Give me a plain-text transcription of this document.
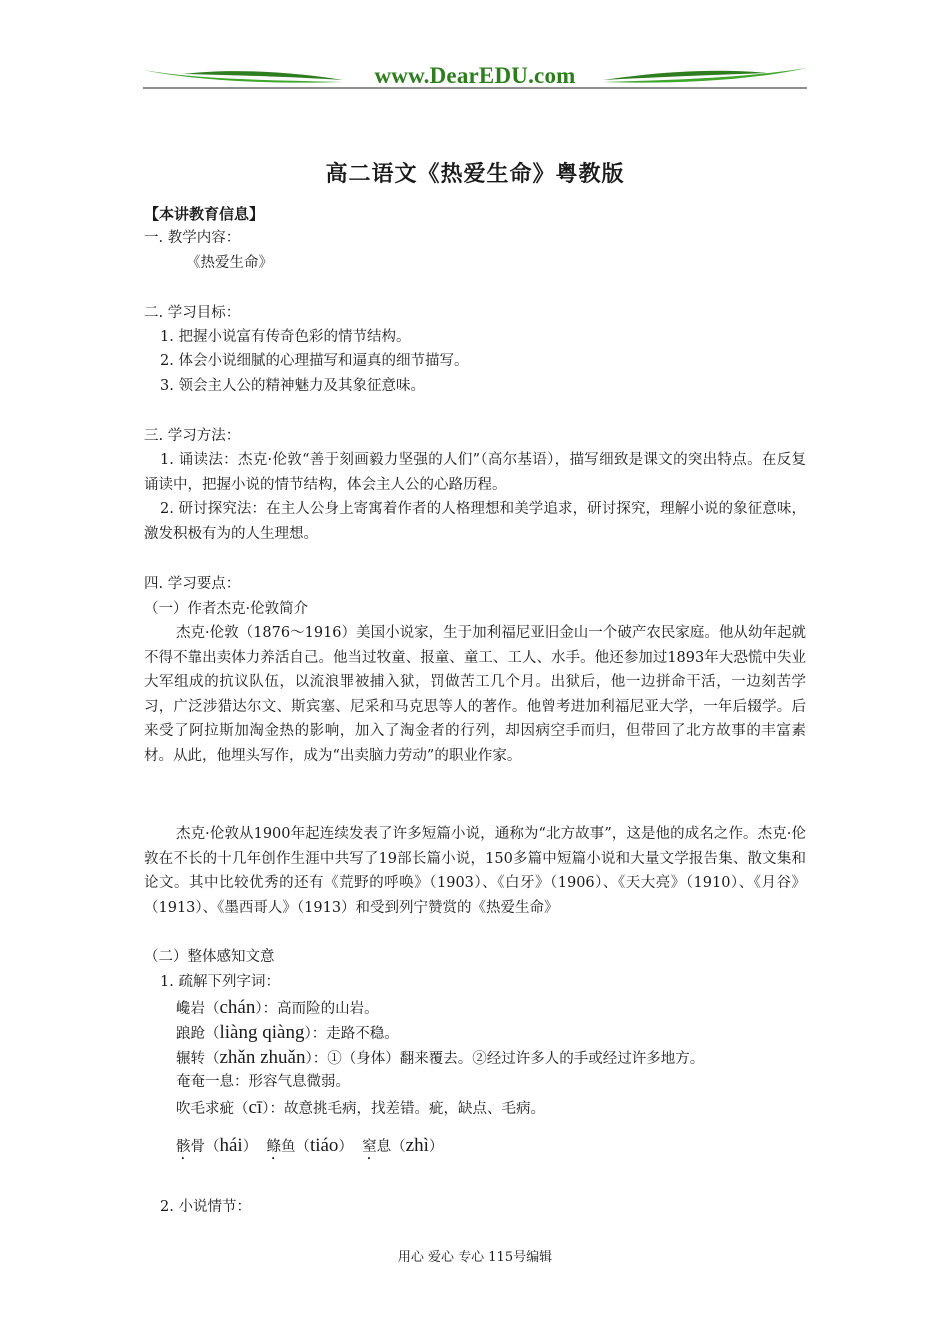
www.DearEDU.com
高二语文《热爱生命》粤教版
【本讲教育信息】
一. 教学内容：
《热爱生命》
二. 学习目标：
1. 把握小说富有传奇色彩的情节结构。
2. 体会小说细腻的心理描写和逼真的细节描写。
3. 领会主人公的精神魅力及其象征意味。
三. 学习方法：
1. 诵读法：杰克·伦敦“善于刻画毅力坚强的人们”（高尔基语），描写细致是课文的突出特点。在反复诵读中，把握小说的情节结构，体会主人公的心路历程。
2. 研讨探究法：在主人公身上寄寓着作者的人格理想和美学追求，研讨探究，理解小说的象征意味，激发积极有为的人生理想。
四. 学习要点：
（一）作者杰克·伦敦简介
杰克·伦敦（1876～1916）美国小说家，生于加利福尼亚旧金山一个破产农民家庭。他从幼年起就不得不靠出卖体力养活自己。他当过牧童、报童、童工、工人、水手。他还参加过1893年大恐慌中失业大军组成的抗议队伍，以流浪罪被捕入狱，罚做苦工几个月。出狱后，他一边拼命干活，一边刻苦学习，广泛涉猎达尔文、斯宾塞、尼采和马克思等人的著作。他曾考进加利福尼亚大学，一年后辍学。后来受了阿拉斯加淘金热的影响，加入了淘金者的行列，却因病空手而归，但带回了北方故事的丰富素材。从此，他埋头写作，成为“出卖脑力劳动”的职业作家。
杰克·伦敦从1900年起连续发表了许多短篇小说，通称为“北方故事”，这是他的成名之作。杰克·伦敦在不长的十几年创作生涯中共写了19部长篇小说，150多篇中短篇小说和大量文学报告集、散文集和论文。其中比较优秀的还有《荒野的呼唤》（1903）、《白牙》（1906）、《天大亮》（1910）、《月谷》（1913）、《墨西哥人》（1913）和受到列宁赞赏的《热爱生命》
（二）整体感知文意
1. 疏解下列字词：
巉岩（chán）：高而险的山岩。
踉跄（liàng qiàng）：走路不稳。
辗转（zhǎn zhuǎn）：①（身体）翻来覆去。②经过许多人的手或经过许多地方。
奄奄一息：形容气息微弱。
吹毛求疵（cī）：故意挑毛病，找差错。疵，缺点、毛病。
骸骨（hái） 鲦鱼（tiáo） 窒息（zhì）
2. 小说情节：
用心 爱心 专心 115号编辑
